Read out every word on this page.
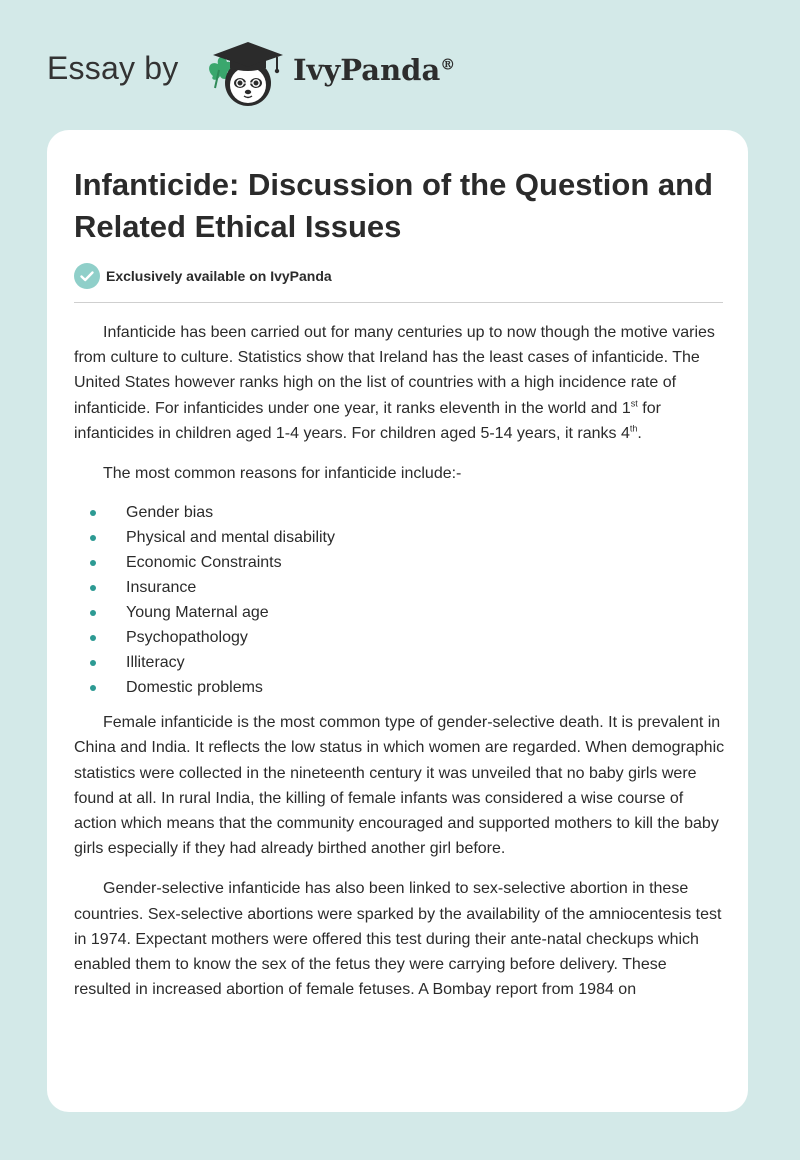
Essay by	IvyPanda®
Infanticide: Discussion of the Question and Related Ethical Issues
Exclusively available on IvyPanda

Infanticide has been carried out for many centuries up to now though the motive varies from culture to culture. Statistics show that Ireland has the least cases of infanticide. The United States however ranks high on the list of countries with a high incidence rate of infanticide. For infanticides under one year, it ranks eleventh in the world and 1st for infanticides in children aged 1-4 years. For children aged 5-14 years, it ranks 4th.

The most common reasons for infanticide include:-

Gender bias
Physical and mental disability
Economic Constraints
Insurance
Young Maternal age
Psychopathology
Illiteracy
Domestic problems

Female infanticide is the most common type of gender-selective death. It is prevalent in China and India. It reflects the low status in which women are regarded. When demographic statistics were collected in the nineteenth century it was unveiled that no baby girls were found at all. In rural India, the killing of female infants was considered a wise course of action which means that the community encouraged and supported mothers to kill the baby girls especially if they had already birthed another girl before.

Gender-selective infanticide has also been linked to sex-selective abortion in these countries. Sex-selective abortions were sparked by the availability of the amniocentesis test in 1974. Expectant mothers were offered this test during their ante-natal checkups which enabled them to know the sex of the fetus they were carrying before delivery. These resulted in increased abortion of female fetuses. A Bombay report from 1984 on
